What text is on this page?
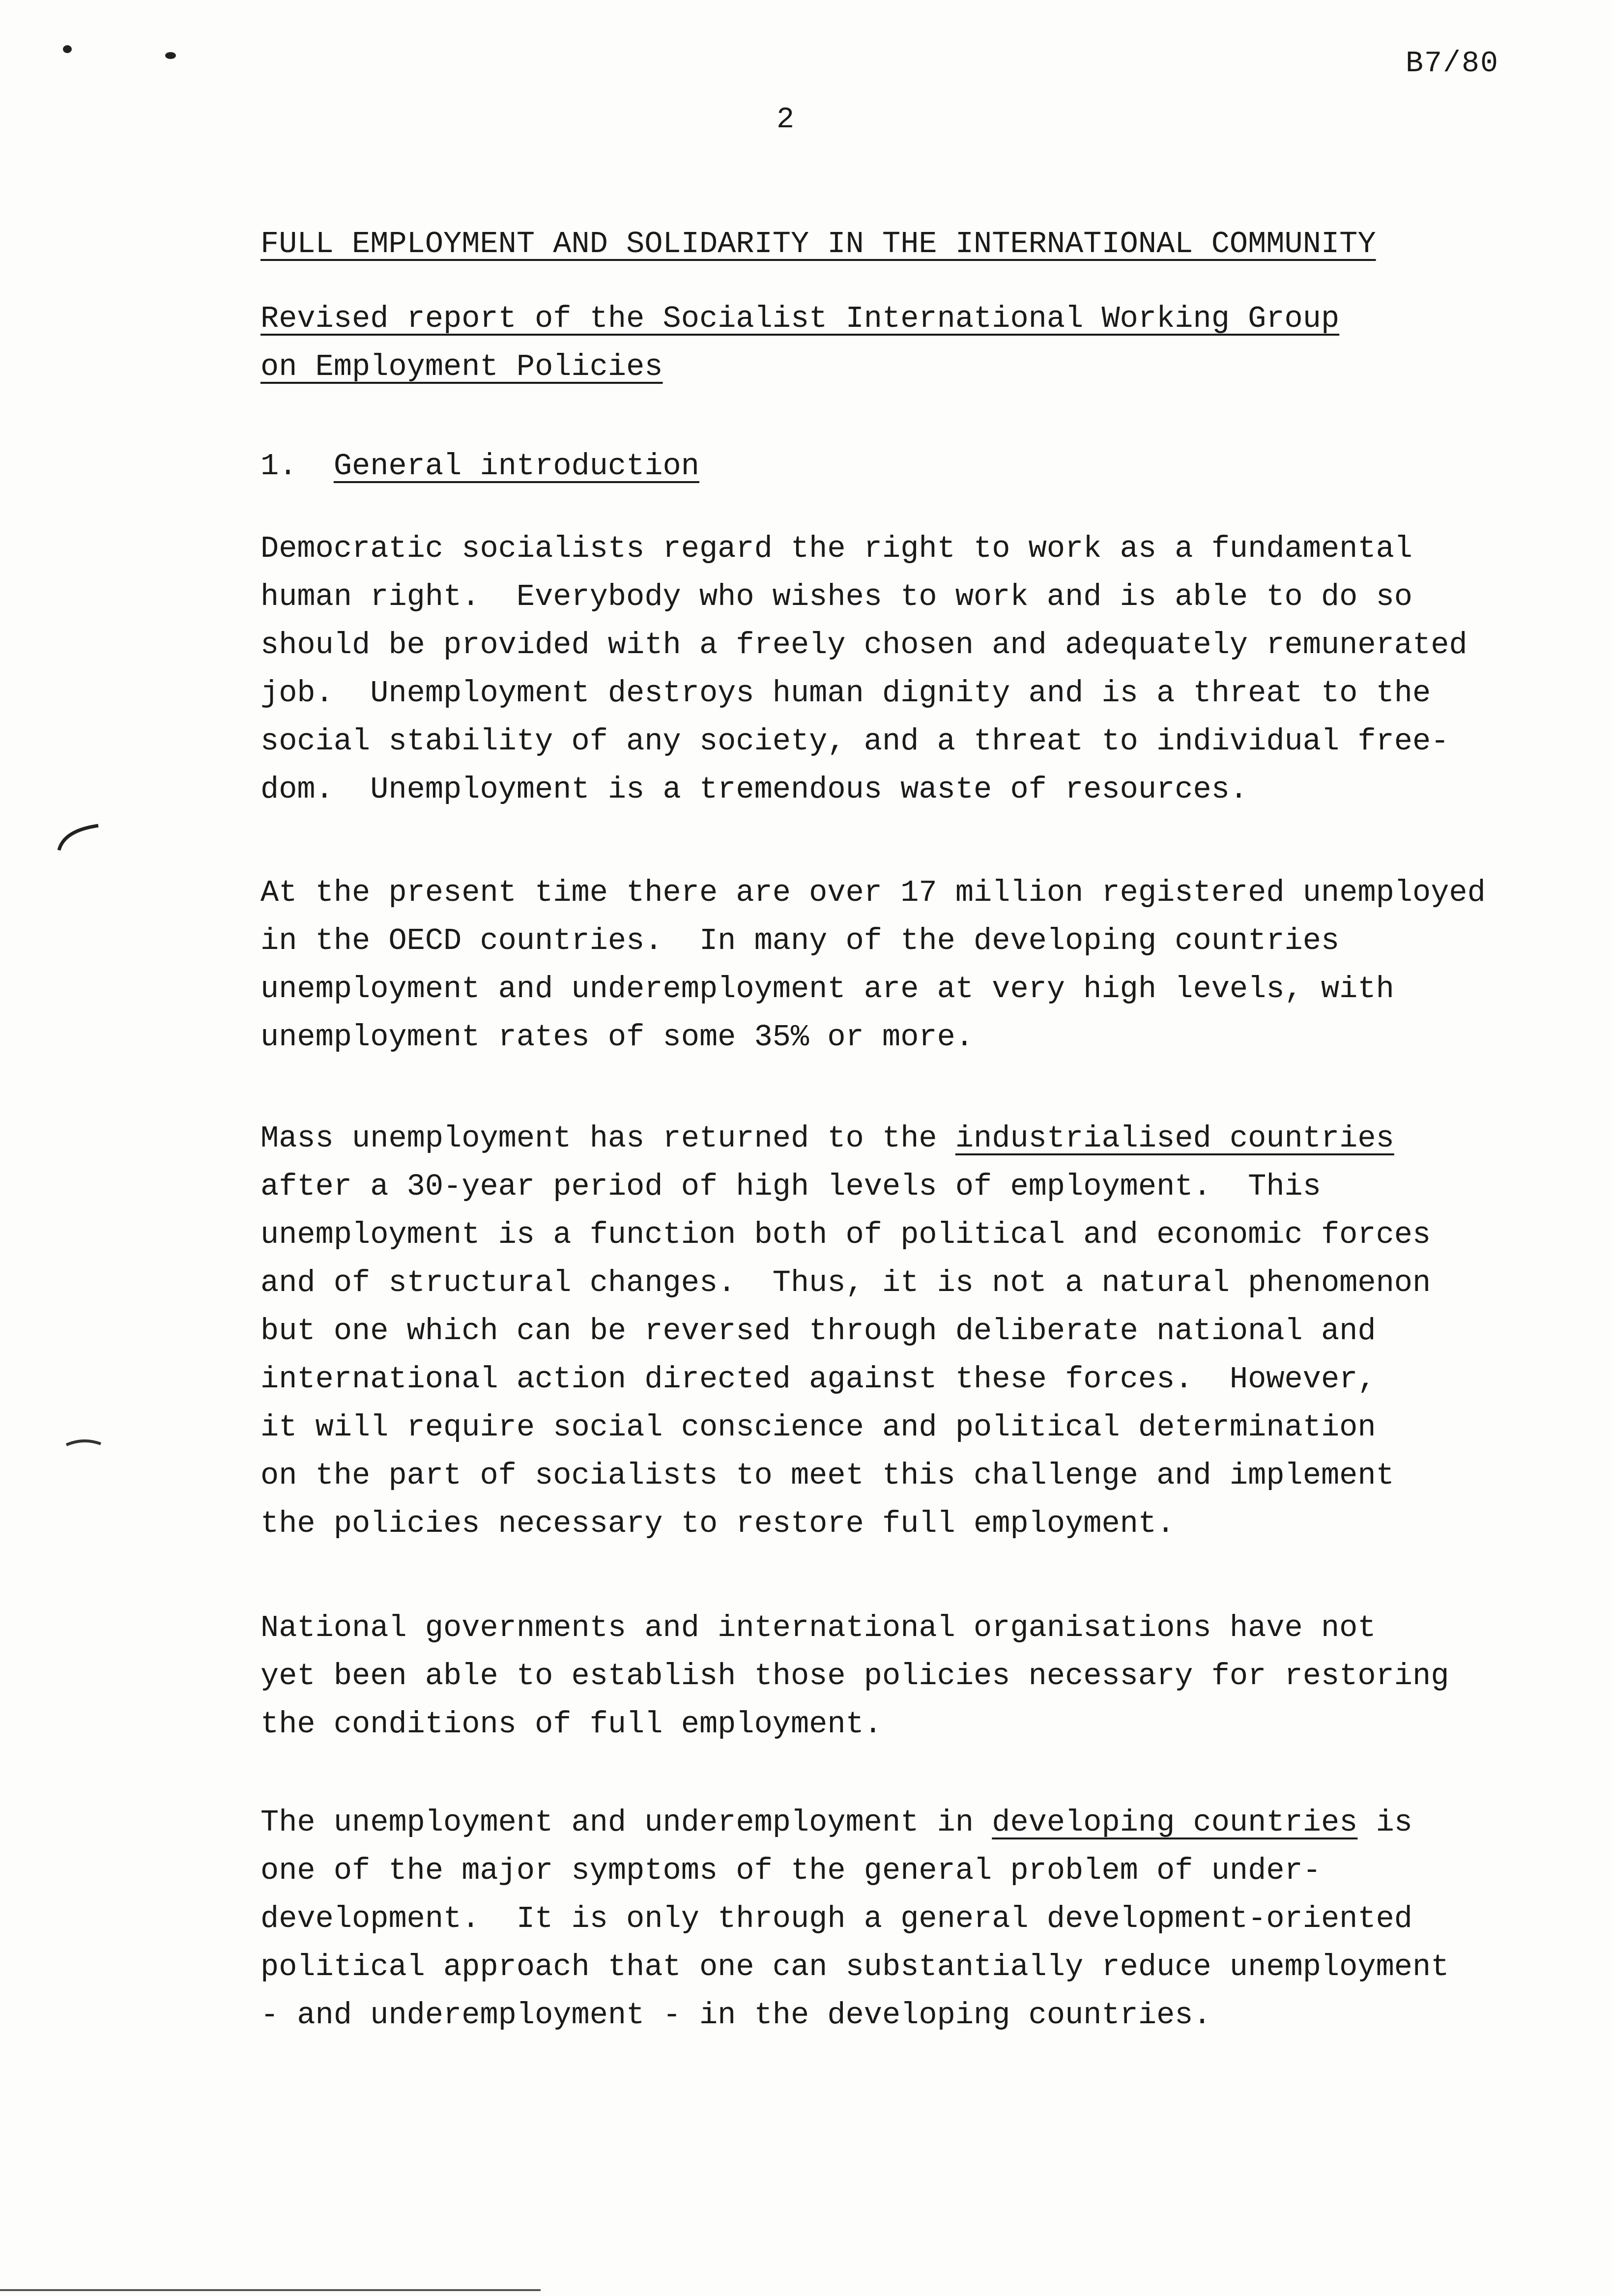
B7/80
2
FULL EMPLOYMENT AND SOLIDARITY IN THE INTERNATIONAL COMMUNITY
Revised report of the Socialist International Working Group
on Employment Policies
1. General introduction
Democratic socialists regard the right to work as a fundamental
human right.  Everybody who wishes to work and is able to do so
should be provided with a freely chosen and adequately remunerated
job.  Unemployment destroys human dignity and is a threat to the
social stability of any society, and a threat to individual free-
dom.  Unemployment is a tremendous waste of resources.
At the present time there are over 17 million registered unemployed
in the OECD countries.  In many of the developing countries
unemployment and underemployment are at very high levels, with
unemployment rates of some 35% or more.
Mass unemployment has returned to the industrialised countries
after a 30-year period of high levels of employment.  This
unemployment is a function both of political and economic forces
and of structural changes.  Thus, it is not a natural phenomenon
but one which can be reversed through deliberate national and
international action directed against these forces.  However,
it will require social conscience and political determination
on the part of socialists to meet this challenge and implement
the policies necessary to restore full employment.
National governments and international organisations have not
yet been able to establish those policies necessary for restoring
the conditions of full employment.
The unemployment and underemployment in developing countries is
one of the major symptoms of the general problem of under-
development.  It is only through a general development-oriented
political approach that one can substantially reduce unemployment
- and underemployment - in the developing countries.
